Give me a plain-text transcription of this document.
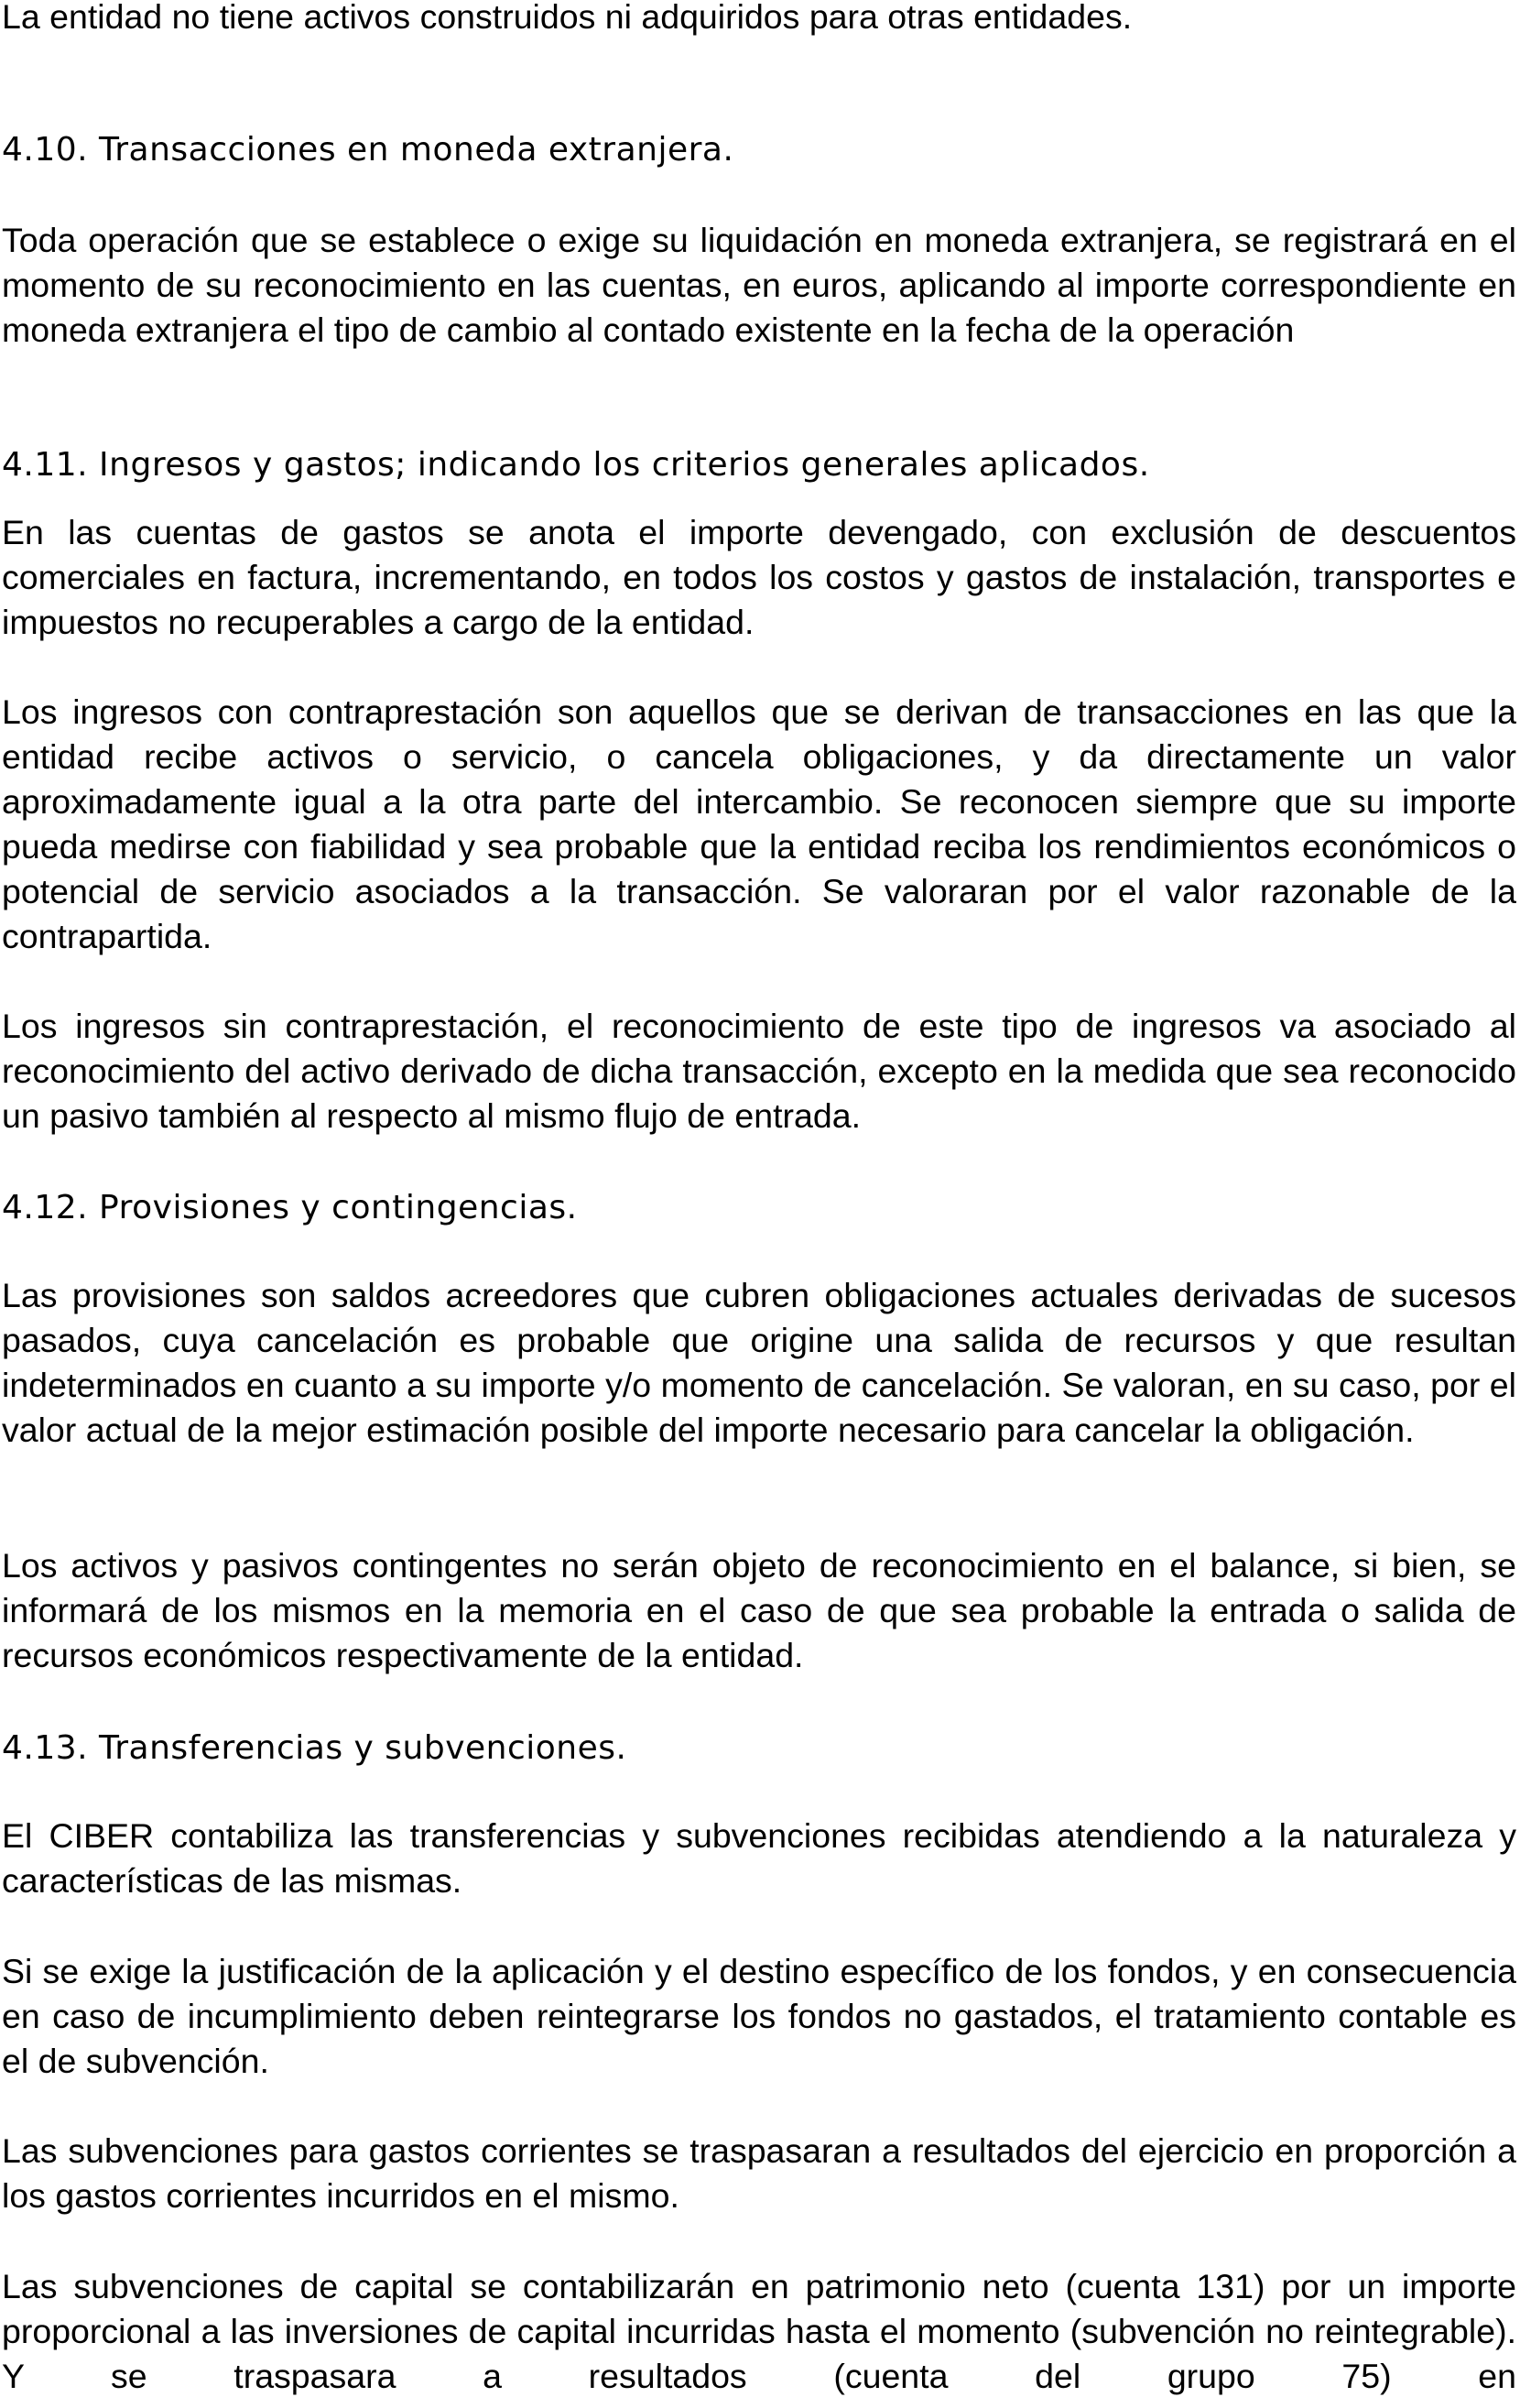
La entidad no tiene activos construidos ni adquiridos para otras entidades.

4.10. Transacciones en moneda extranjera.

Toda operación que se establece o exige su liquidación en moneda extranjera, se registrará en el momento de su reconocimiento en las cuentas, en euros, aplicando al importe correspondiente en moneda extranjera el tipo de cambio al contado existente en la fecha de la operación

4.11. Ingresos y gastos; indicando los criterios generales aplicados.

En las cuentas de gastos se anota el importe devengado, con exclusión de descuentos comerciales en factura, incrementando, en todos los costos y gastos de instalación, transportes e impuestos no recuperables a cargo de la entidad.

Los ingresos con contraprestación son aquellos que se derivan de transacciones en las que la entidad recibe activos o servicio, o cancela obligaciones, y da directamente un valor aproximadamente igual a la otra parte del intercambio. Se reconocen siempre que su importe pueda medirse con fiabilidad y sea probable que la entidad reciba los rendimientos económicos o potencial de servicio asociados a la transacción. Se valoraran por el valor razonable de la contrapartida.

Los ingresos sin contraprestación, el reconocimiento de este tipo de ingresos va asociado al reconocimiento del activo derivado de dicha transacción, excepto en la medida que sea reconocido un pasivo también al respecto al mismo flujo de entrada.

4.12. Provisiones y contingencias.

Las provisiones son saldos acreedores que cubren obligaciones actuales derivadas de sucesos pasados, cuya cancelación es probable que origine una salida de recursos y que resultan indeterminados en cuanto a su importe y/o momento de cancelación. Se valoran, en su caso, por el valor actual de la mejor estimación posible del importe necesario para cancelar la obligación.

Los activos y pasivos contingentes no serán objeto de reconocimiento en el balance, si bien, se informará de los mismos en la memoria en el caso de que sea probable la entrada o salida de recursos económicos respectivamente de la entidad.

4.13. Transferencias y subvenciones.

El CIBER contabiliza las transferencias y subvenciones recibidas atendiendo a la naturaleza y características de las mismas.

Si se exige la justificación de la aplicación y el destino específico de los fondos, y en consecuencia en caso de incumplimiento deben reintegrarse los fondos no gastados, el tratamiento contable es el de subvención.

Las subvenciones para gastos corrientes se traspasaran a resultados del ejercicio en proporción a los gastos corrientes incurridos en el mismo.

Las subvenciones de capital se contabilizarán en patrimonio neto (cuenta 131) por un importe proporcional a las inversiones de capital incurridas hasta el momento (subvención no reintegrable). Y se traspasara a resultados (cuenta del grupo 75) en
